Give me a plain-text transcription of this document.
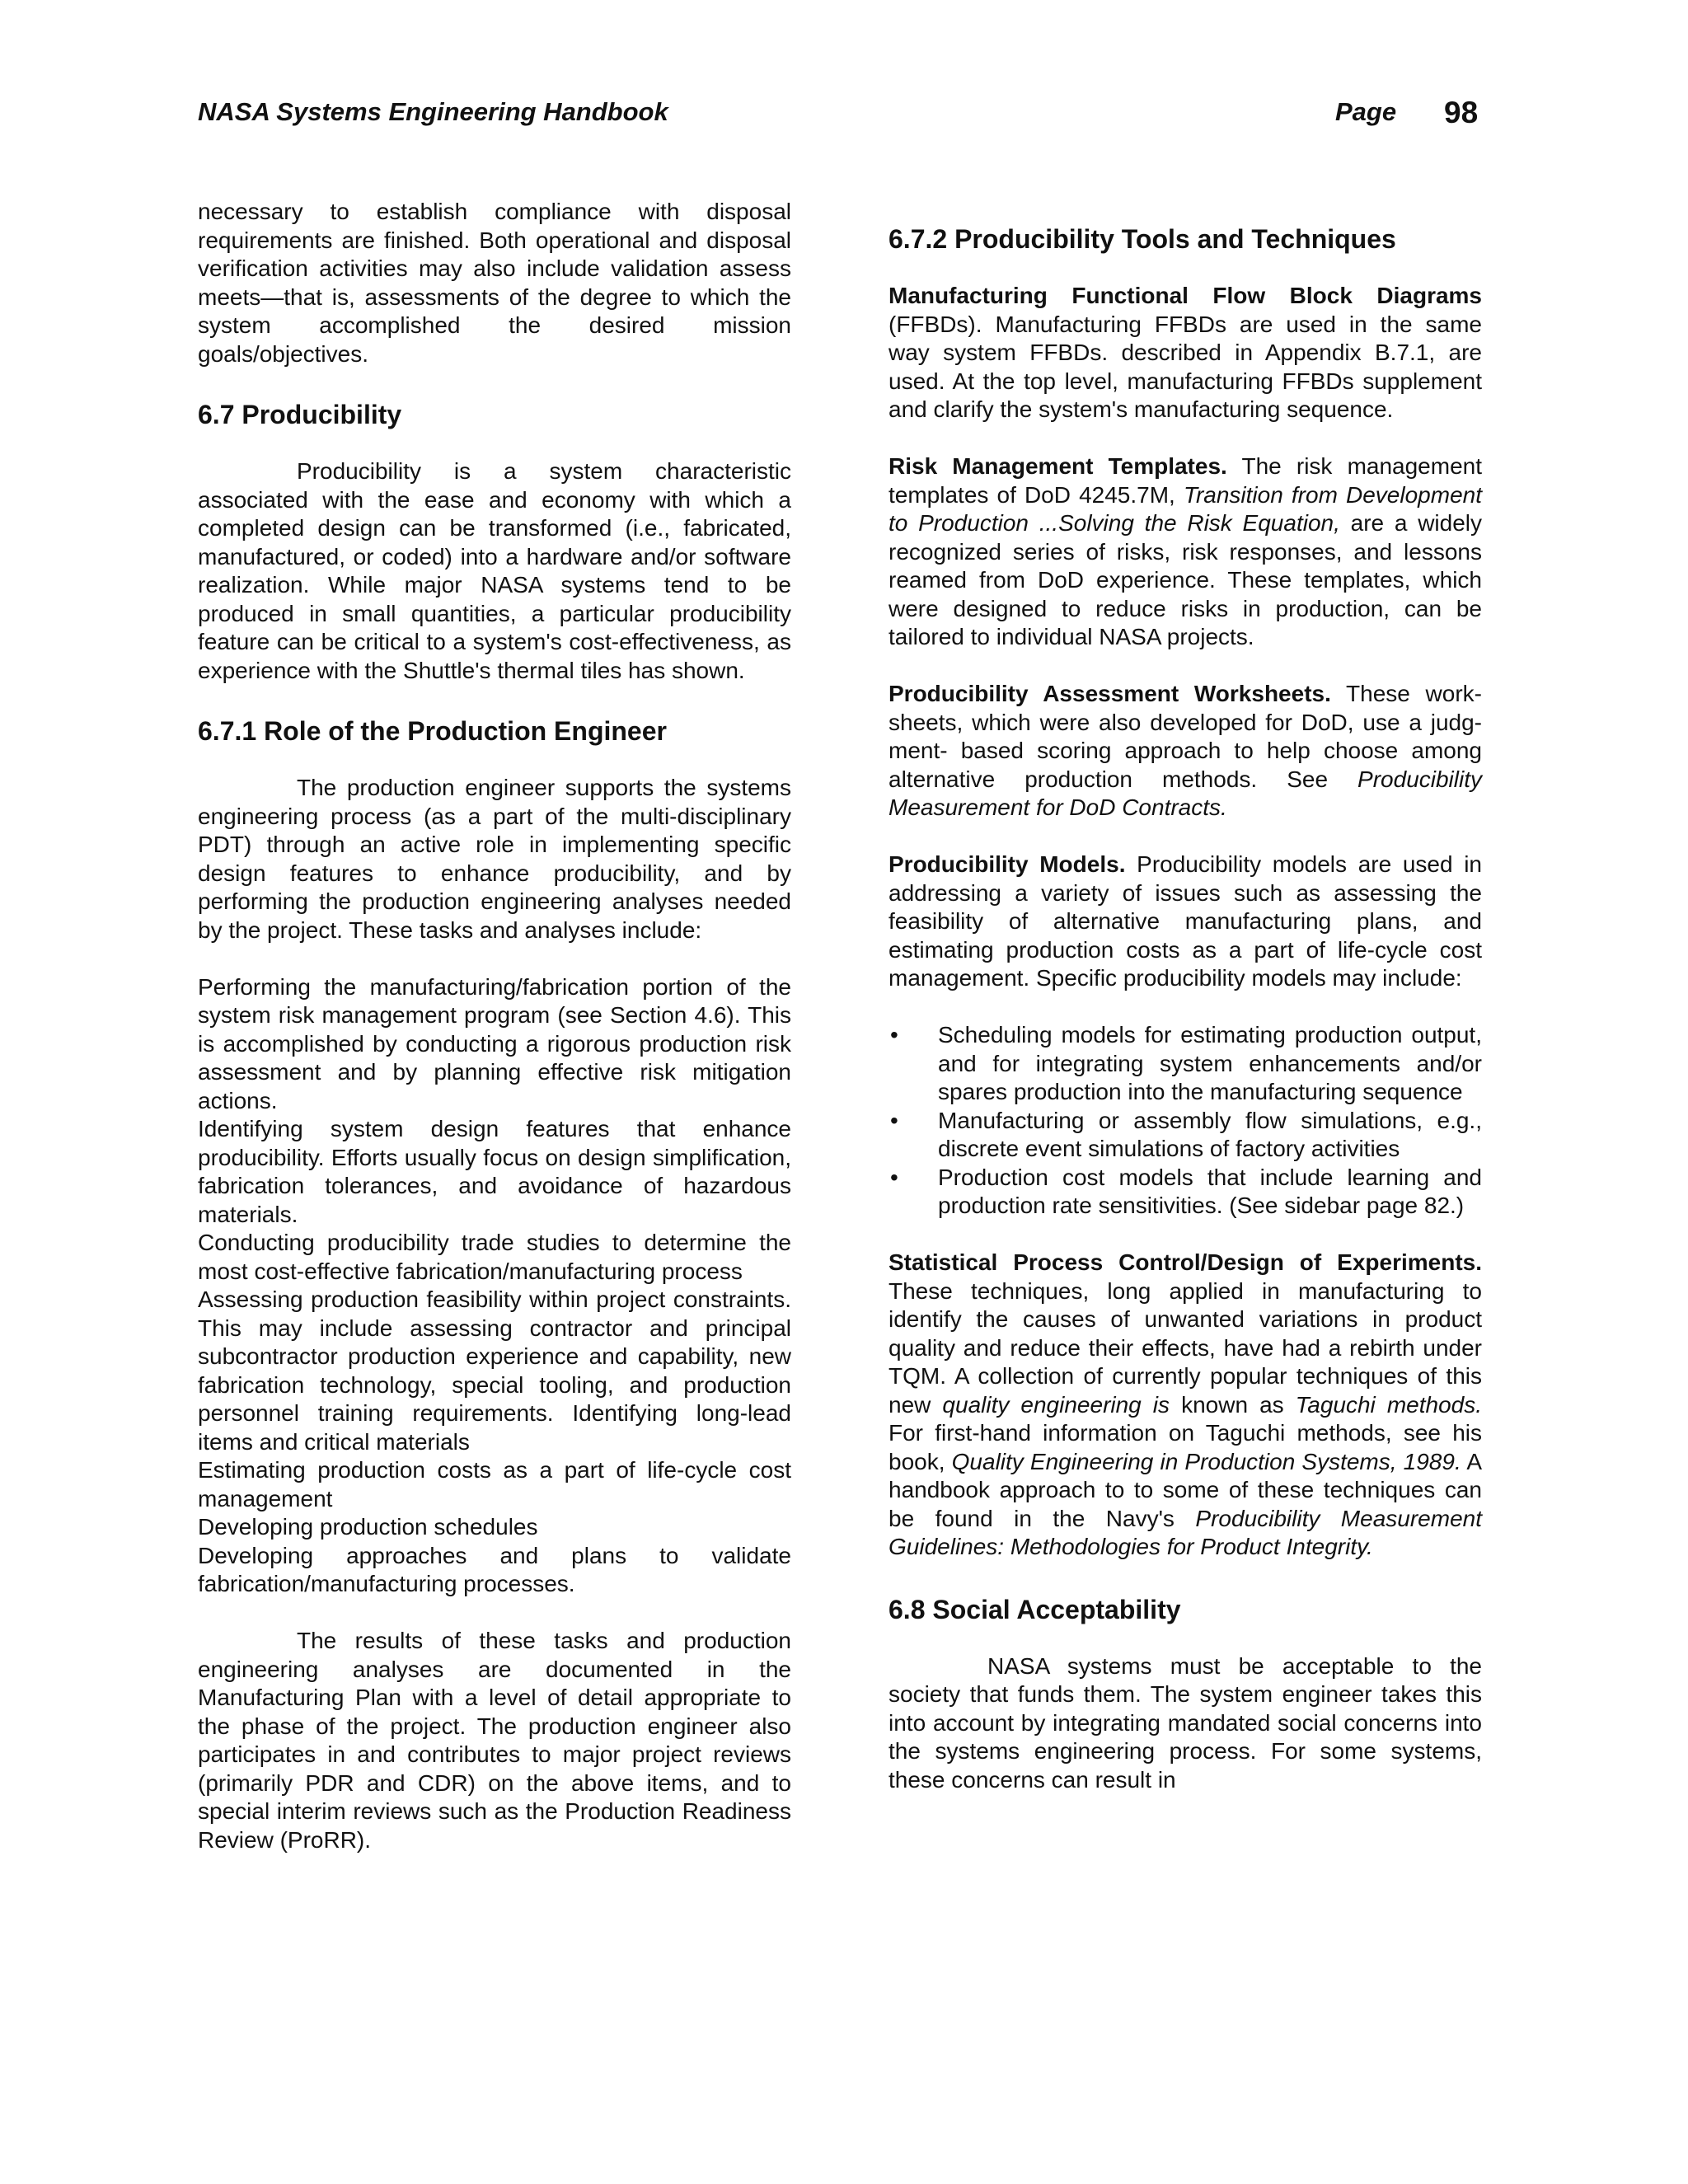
NASA Systems Engineering Handbook	Page 98

necessary to establish compliance with disposal requirements are finished. Both operational and disposal verification activities may also include validation assess meets—that is, assessments of the degree to which the system accomplished the desired mission goals/objectives.

6.7 Producibility

Producibility is a system characteristic associated with the ease and economy with which a completed design can be transformed (i.e., fabricated, manufactured, or coded) into a hardware and/or software realization. While major NASA systems tend to be produced in small quantities, a particular producibility feature can be critical to a system's cost-effectiveness, as experience with the Shuttle's thermal tiles has shown.

6.7.1 Role of the Production Engineer

The production engineer supports the systems engineering process (as a part of the multi-disciplinary PDT) through an active role in implementing specific design features to enhance producibility, and by performing the production engineering analyses needed by the project. These tasks and analyses include:

Performing the manufacturing/fabrication portion of the system risk management program (see Section 4.6). This is accomplished by conducting a rigorous production risk assessment and by planning effective risk mitigation actions.

Identifying system design features that enhance producibility. Efforts usually focus on design simplification, fabrication tolerances, and avoidance of hazardous materials.

Conducting producibility trade studies to determine the most cost-effective fabrication/manufacturing process

Assessing production feasibility within project constraints. This may include assessing contractor and principal subcontractor production experience and capability, new fabrication technology, special tooling, and production personnel training requirements. Identifying long-lead items and critical materials

Estimating production costs as a part of life-cycle cost management

Developing production schedules

Developing approaches and plans to validate fabrication/manufacturing processes.

The results of these tasks and production engineering analyses are documented in the Manufacturing Plan with a level of detail appropriate to the phase of the project. The production engineer also participates in and contributes to major project reviews (primarily PDR and CDR) on the above items, and to special interim reviews such as the Production Readiness Review (ProRR).

6.7.2 Producibility Tools and Techniques

Manufacturing Functional Flow Block Diagrams (FFBDs). Manufacturing FFBDs are used in the same way system FFBDs. described in Appendix B.7.1, are used. At the top level, manufacturing FFBDs supplement and clarify the system's manufacturing sequence.

Risk Management Templates. The risk management templates of DoD 4245.7M, Transition from Development to Production ...Solving the Risk Equation, are a widely recognized series of risks, risk responses, and lessons reamed from DoD experience. These templates, which were designed to reduce risks in production, can be tailored to individual NASA projects.

Producibility Assessment Worksheets. These work-sheets, which were also developed for DoD, use a judg-ment- based scoring approach to help choose among alternative production methods. See Producibility Measurement for DoD Contracts.

Producibility Models. Producibility models are used in addressing a variety of issues such as assessing the feasibility of alternative manufacturing plans, and estimating production costs as a part of life-cycle cost management. Specific producibility models may include:

• Scheduling models for estimating production output, and for integrating system enhancements and/or spares production into the manufacturing sequence
• Manufacturing or assembly flow simulations, e.g., discrete event simulations of factory activities
• Production cost models that include learning and production rate sensitivities. (See sidebar page 82.)

Statistical Process Control/Design of Experiments. These techniques, long applied in manufacturing to identify the causes of unwanted variations in product quality and reduce their effects, have had a rebirth under TQM. A collection of currently popular techniques of this new quality engineering is known as Taguchi methods. For first-hand information on Taguchi methods, see his book, Quality Engineering in Production Systems, 1989. A handbook approach to to some of these techniques can be found in the Navy's Producibility Measurement Guidelines: Methodologies for Product Integrity.

6.8 Social Acceptability

NASA systems must be acceptable to the society that funds them. The system engineer takes this into account by integrating mandated social concerns into the systems engineering process. For some systems, these concerns can result in
